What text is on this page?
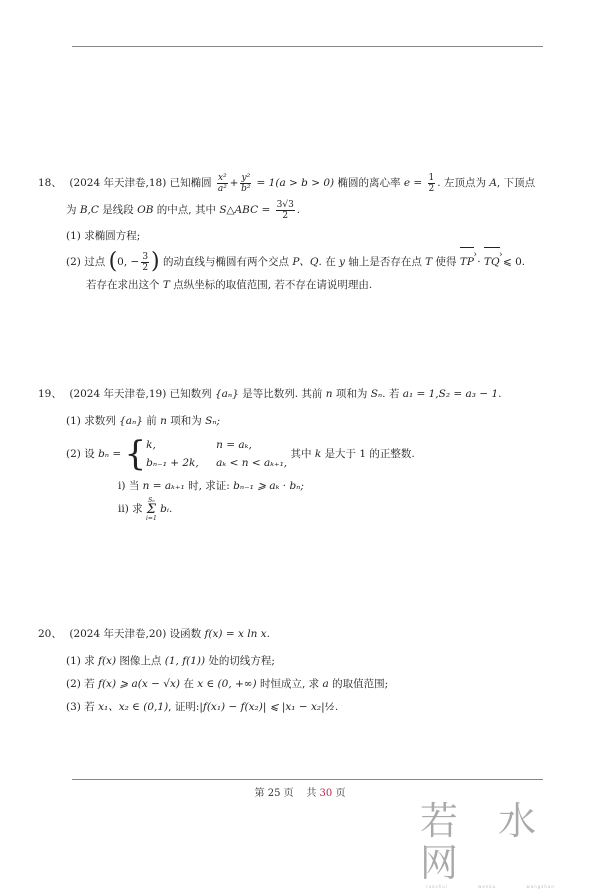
18、 (2024 年天津卷,18) 已知椭圆 $\frac{\text{x²}}{\text{a²}} + \frac{\text{y²}}{\text{b²}} = 1(a > b > 0)$ 椭圆的离心率 $e = \frac{1}{2}$ . 左顶点为 A, 下顶点
为 B,C 是线段 OB 的中点, 其中 S△ABC = $\frac{3√3}{2}$ .
(1) 求椭圆方程;
(2) 过点 (0, − $\frac{3}{2}$ ) 的动直线与椭圆有两个交点 P、Q. 在 y 轴上是否存在点 T 使得 TP › · TQ › ⩽ 0.
若存在求出这个 T 点纵坐标的取值范围, 若不存在请说明理由.
19、 (2024 年天津卷,19) 已知数列 {aₙ} 是等比数列. 其前 n 项和为 Sₙ. 若 a₁ = 1,S₂ = a₃ − 1.
(1) 求数列 {aₙ} 前 n 项和为 Sₙ;
(2) 设 bₙ = { k,	n = aₖ,
bₙ₋₁ + 2k, aₖ < n < aₖ₊₁,
其中 k 是大于 1 的正整数.
i) 当 n = aₖ₊₁ 时, 求证: bₙ₋₁ ⩾ aₖ · bₙ;
ii) 求
Sₙ
Σ
i=1
bᵢ.
20、 (2024 年天津卷,20) 设函数 f(x) = x ln x.
(1) 求 f(x) 图像上点 (1, f(1)) 处的切线方程;
(2) 若 f(x) ⩾ a(x − √x) 在 x ∈ (0, +∞) 时恒成立, 求 a 的取值范围;
(3) 若 x₁、x₂ ∈ (0,1), 证明:|f(x₁) − f(x₂)| ⩽ |x₁ − x₂|½.
第 25 页 共 30 页
若 水 网
ruoshui wenku wangzhan
